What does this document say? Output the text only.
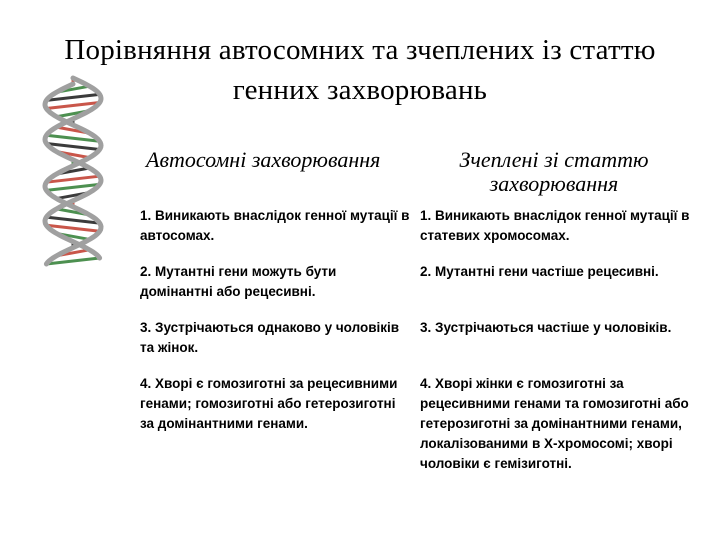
Порівняння автосомних та зчеплених із статтю генних захворювань
Автосомні захворювання	Зчеплені зі статтю захворювання
1. Виникають внаслідок генної мутації в автосомах.	1. Виникають внаслідок генної мутації в статевих хромосомах.
2. Мутантні гени можуть бути домінантні або рецесивні.	2. Мутантні гени частіше рецесивні.
3. Зустрічаються однаково у чоловіків та жінок.	3. Зустрічаються частіше у чоловіків.
4. Хворі є гомозиготні за рецесивними генами; гомозиготні або гетерозиготні за домінантними генами.	4. Хворі жінки є гомозиготні за рецесивними генами та гомозиготні або гетерозиготні за домінантними генами, локалізованими в Х-хромосомі; хворі чоловіки є гемізиготні.
